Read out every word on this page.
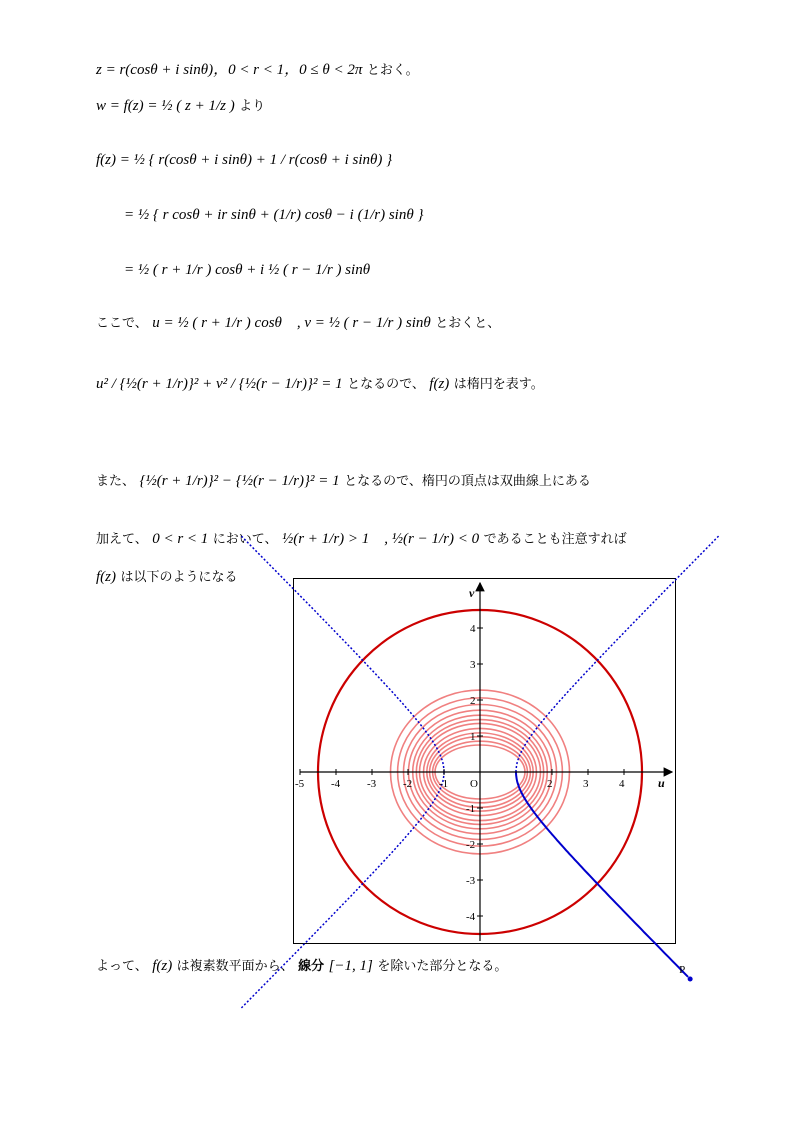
z = r(cosθ + i sinθ)，0 < r < 1，0 ≤ θ < 2π とおく。
w = f(z) = ½ ( z + 1/z ) より
f(z) = ½ { r(cosθ + i sinθ) + 1 / r(cosθ + i sinθ) }
= ½ { r cosθ + ir sinθ + (1/r) cosθ − i (1/r) sinθ }
= ½ ( r + 1/r ) cosθ + i ½ ( r − 1/r ) sinθ
ここで、 u = ½ ( r + 1/r ) cosθ　, v = ½ ( r − 1/r ) sinθ とおくと、
u² / {½(r + 1/r)}² + v² / {½(r − 1/r)}² = 1 となるので、 f(z) は楕円を表す。
また、 {½(r + 1/r)}² − {½(r − 1/r)}² = 1 となるので、楕円の頂点は双曲線上にある
加えて、 0 < r < 1 において、 ½(r + 1/r) > 1　, ½(r − 1/r) < 0 であることも注意すれば
f(z) は以下のようになる
P
u
v
O
-5 -4 -3 -2 -1	2	3	4
4
3
2
1
-1
-2
-3
-4
よって、 f(z) は複素数平面から、 線分 [−1, 1] を除いた部分となる。
